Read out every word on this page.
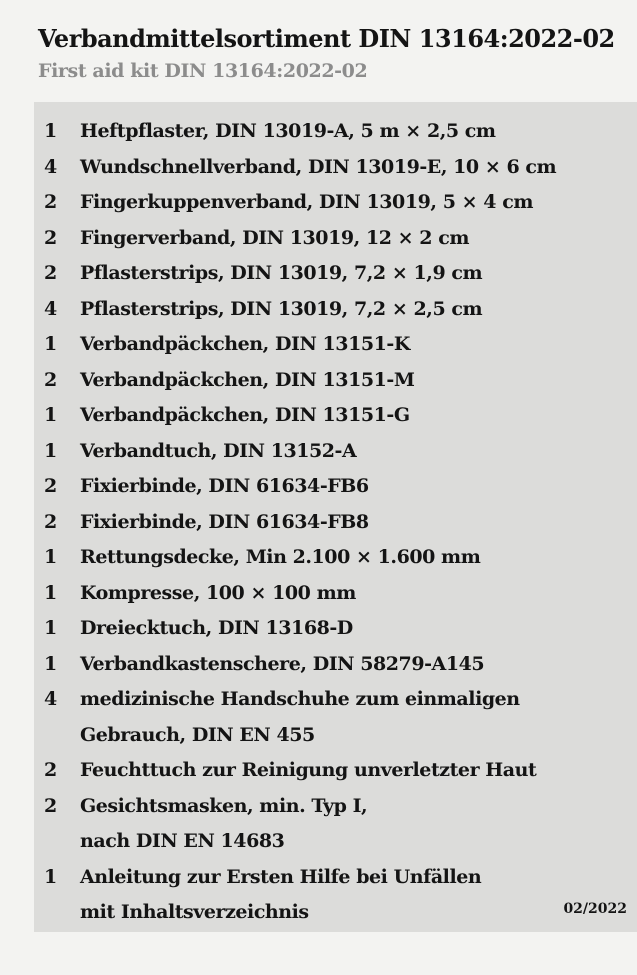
Verbandmittelsortiment DIN 13164:2022-02
First aid kit DIN 13164:2022-02
1	Heftpflaster, DIN 13019-A, 5 m × 2,5 cm
4	Wundschnellverband, DIN 13019-E, 10 × 6 cm
2	Fingerkuppenverband, DIN 13019, 5 × 4 cm
2	Fingerverband, DIN 13019, 12 × 2 cm
2	Pflasterstrips, DIN 13019, 7,2 × 1,9 cm
4	Pflasterstrips, DIN 13019, 7,2 × 2,5 cm
1	Verbandpäckchen, DIN 13151-K
2	Verbandpäckchen, DIN 13151-M
1	Verbandpäckchen, DIN 13151-G
1	Verbandtuch, DIN 13152-A
2	Fixierbinde, DIN 61634-FB6
2	Fixierbinde, DIN 61634-FB8
1	Rettungsdecke, Min 2.100 × 1.600 mm
1	Kompresse, 100 × 100 mm
1	Dreiecktuch, DIN 13168-D
1	Verbandkastenschere, DIN 58279-A145
4	medizinische Handschuhe zum einmaligen
Gebrauch, DIN EN 455
2	Feuchttuch zur Reinigung unverletzter Haut
2	Gesichtsmasken, min. Typ I,
nach DIN EN 14683
1	Anleitung zur Ersten Hilfe bei Unfällen
mit Inhaltsverzeichnis	02/2022
